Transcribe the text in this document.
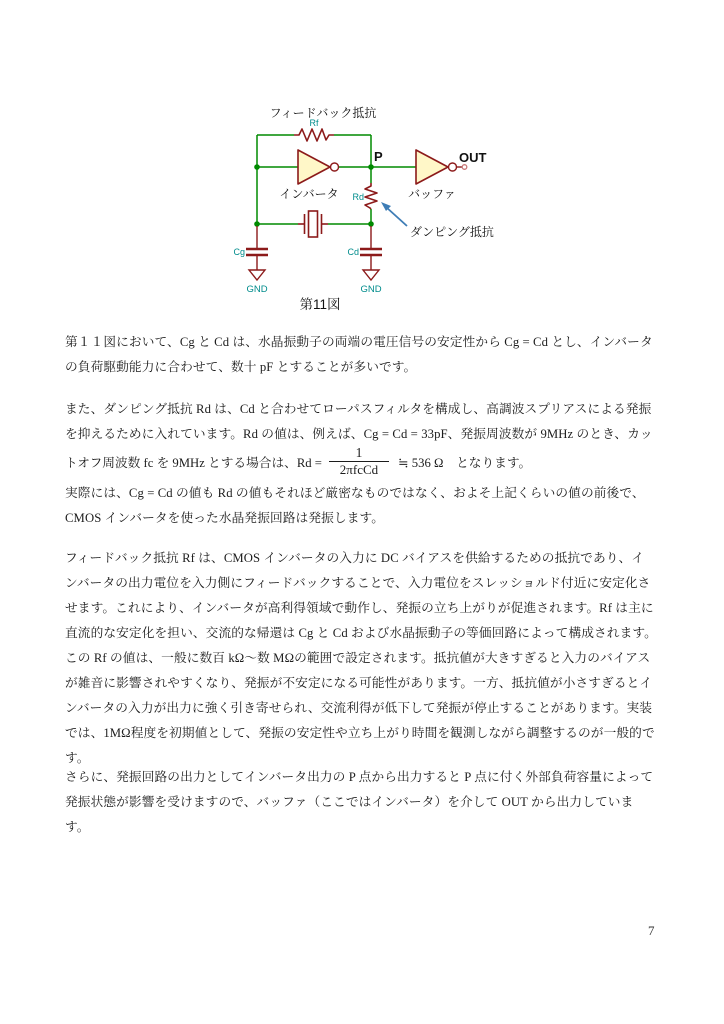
フィードバック抵抗
Rf
インバータ
P
バッファ
OUT
Rd
ダンピング抵抗
Cg	Cd
GND	GND
第11図
第１１図において、Cg と Cd は、水晶振動子の両端の電圧信号の安定性から Cg = Cd とし、インバータ
の負荷駆動能力に合わせて、数十 pF とすることが多いです。
また、ダンピング抵抗 Rd は、Cd と合わせてローパスフィルタを構成し、高調波スプリアスによる発振
を抑えるために入れています。Rd の値は、例えば、Cg = Cd = 33pF、発振周波数が 9MHz のとき、カッ
トオフ周波数 fc を 9MHz とする場合は、$Rd = \frac{1}{\text{2πfcCd}}$ ≒ 536 Ω　となります。
実際には、Cg = Cd の値も Rd の値もそれほど厳密なものではなく、およそ上記くらいの値の前後で、
CMOS インバータを使った水晶発振回路は発振します。
フィードバック抵抗 Rf は、CMOS インバータの入力に DC バイアスを供給するための抵抗であり、イ
ンバータの出力電位を入力側にフィードバックすることで、入力電位をスレッショルド付近に安定化さ
せます。これにより、インバータが高利得領域で動作し、発振の立ち上がりが促進されます。Rf は主に
直流的な安定化を担い、交流的な帰還は Cg と Cd および水晶振動子の等価回路によって構成されます。
この Rf の値は、一般に数百 kΩ〜数 MΩの範囲で設定されます。抵抗値が大きすぎると入力のバイアス
が雑音に影響されやすくなり、発振が不安定になる可能性があります。一方、抵抗値が小さすぎるとイ
ンバータの入力が出力に強く引き寄せられ、交流利得が低下して発振が停止することがあります。実装
では、1MΩ程度を初期値として、発振の安定性や立ち上がり時間を観測しながら調整するのが一般的で
す。
さらに、発振回路の出力としてインバータ出力の P 点から出力すると P 点に付く外部負荷容量によって
発振状態が影響を受けますので、バッファ（ここではインバータ）を介して OUT から出力していま
す。
7
